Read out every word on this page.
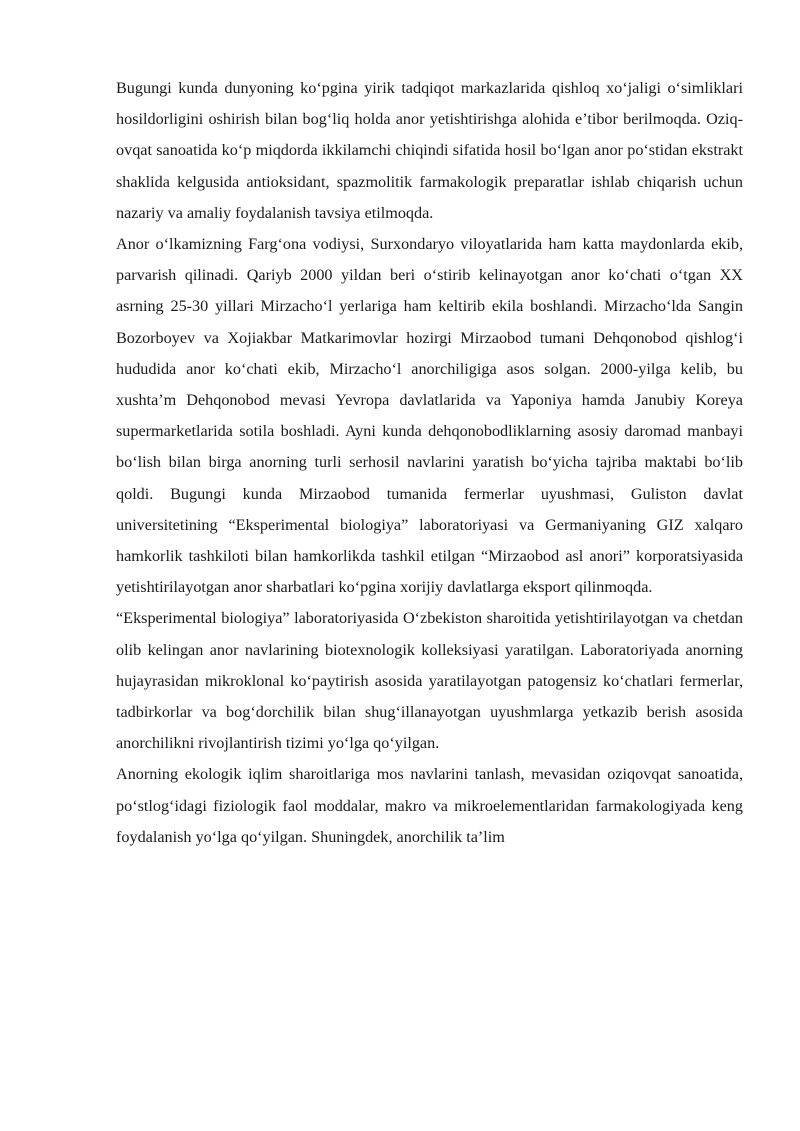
Bugungi kunda dunyoning koʻpgina yirik tadqiqot markazlarida qishloq xoʻjaligi oʻsimliklari hosildorligini oshirish bilan bogʻliq holda anor yetishtirishga alohida e’tibor berilmoqda. Oziq-ovqat sanoatida koʻp miqdorda ikkilamchi chiqindi sifatida hosil boʻlgan anor poʻstidan ekstrakt shaklida kelgusida antioksidant, spazmolitik farmakologik preparatlar ishlab chiqarish uchun nazariy va amaliy foydalanish tavsiya etilmoqda.

Anor oʻlkamizning Fargʻona vodiysi, Surxondaryo viloyatlarida ham katta maydonlarda ekib, parvarish qilinadi. Qariyb 2000 yildan beri oʻstirib kelinayotgan anor koʻchati oʻtgan XX asrning 25-30 yillari Mirzachoʻl yerlariga ham keltirib ekila boshlandi. Mirzachoʻlda Sangin Bozorboyev va Xojiakbar Matkarimovlar hozirgi Mirzaobod tumani Dehqonobod qishlogʻi hududida anor koʻchati ekib, Mirzachoʻl anorchiligiga asos solgan. 2000-yilga kelib, bu xushta’m Dehqonobod mevasi Yevropa davlatlarida va Yaponiya hamda Janubiy Koreya supermarketlarida sotila boshladi. Ayni kunda dehqonobodliklarning asosiy daromad manbayi boʻlish bilan birga anorning turli serhosil navlarini yaratish boʻyicha tajriba maktabi boʻlib qoldi. Bugungi kunda Mirzaobod tumanida fermerlar uyushmasi, Guliston davlat universitetining “Eksperimental biologiya” laboratoriyasi va Germaniyaning GIZ xalqaro hamkorlik tashkiloti bilan hamkorlikda tashkil etilgan “Mirzaobod asl anori” korporatsiyasida yetishtirilayotgan anor sharbatlari koʻpgina xorijiy davlatlarga eksport qilinmoqda.

“Eksperimental biologiya” laboratoriyasida Oʻzbekiston sharoitida yetishtirilayotgan va chetdan olib kelingan anor navlarining biotexnologik kolleksiyasi yaratilgan. Laboratoriyada anorning hujayrasidan mikroklonal koʻpaytirish asosida yaratilayotgan patogensiz koʻchatlari fermerlar, tadbirkorlar va bogʻdorchilik bilan shugʻillanayotgan uyushmlarga yetkazib berish asosida anorchilikni rivojlantirish tizimi yoʻlga qoʻyilgan.

Anorning ekologik iqlim sharoitlariga mos navlarini tanlash, mevasidan oziqovqat sanoatida, poʻstlogʻidagi fiziologik faol moddalar, makro va mikroelementlaridan farmakologiyada keng foydalanish yoʻlga qoʻyilgan. Shuningdek, anorchilik ta’lim
